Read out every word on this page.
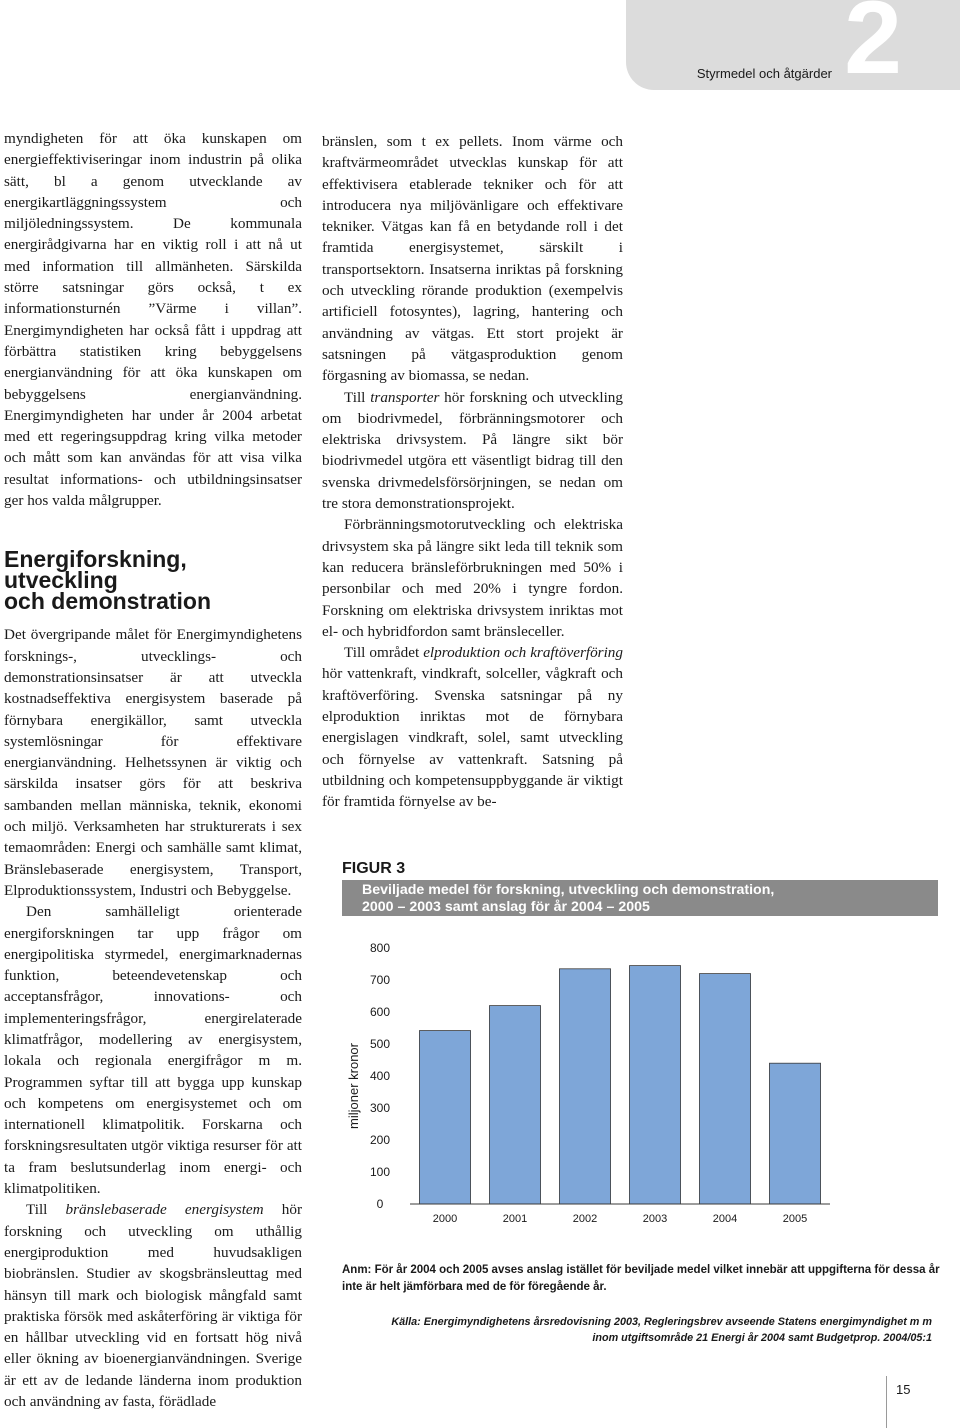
Styrmedel och åtgärder 2

myndigheten för att öka kunskapen om energieffektiviseringar inom industrin på olika sätt, bl a genom utvecklande av energikartläggningssystem och miljöledningssystem. De kommunala energirådgivarna har en viktig roll i att nå ut med information till allmänheten. Särskilda större satsningar görs också, t ex informationsturnén ”Värme i villan”. Energimyndigheten har också fått i uppdrag att förbättra statistiken kring bebyggelsens energianvändning för att öka kunskapen om bebyggelsens energianvändning. Energimyndigheten har under år 2004 arbetat med ett regeringsuppdrag kring vilka metoder och mått som kan användas för att visa vilka resultat informations- och utbildningsinsatser ger hos valda målgrupper.

Energiforskning,
utveckling
och demonstration

Det övergripande målet för Energimyndighetens forsknings-, utvecklings- och demonstrationsinsatser är att utveckla kostnadseffektiva energisystem baserade på förnybara energikällor, samt utveckla systemlösningar för effektivare energianvändning. Helhetssynen är viktig och särskilda insatser görs för att beskriva sambanden mellan människa, teknik, ekonomi och miljö. Verksamheten har strukturerats i sex temaområden: Energi och samhälle samt klimat, Bränslebaserade energisystem, Transport, Elproduktionssystem, Industri och Bebyggelse.

Den samhälleligt orienterade energiforskningen tar upp frågor om energipolitiska styrmedel, energimarknadernas funktion, beteendevetenskap och acceptansfrågor, innovations- och implementeringsfrågor, energirelaterade klimatfrågor, modellering av energisystem, lokala och regionala energifrågor m m. Programmen syftar till att bygga upp kunskap och kompetens om energisystemet och om internationell klimatpolitik. Forskarna och forskningsresultaten utgör viktiga resurser för att ta fram beslutsunderlag inom energi- och klimatpolitiken.

Till bränslebaserade energisystem hör forskning och utveckling om uthållig energiproduktion med huvudsakligen biobränslen. Studier av skogsbränsleuttag med hänsyn till mark och biologisk mångfald samt praktiska försök med askåterföring är viktiga för en hållbar utveckling vid en fortsatt hög nivå eller ökning av bioenergianvändningen. Sverige är ett av de ledande länderna inom produktion och användning av fasta, förädlade

bränslen, som t ex pellets. Inom värme och kraftvärmeområdet utvecklas kunskap för att effektivisera etablerade tekniker och för att introducera nya miljövänligare och effektivare tekniker. Vätgas kan få en betydande roll i det framtida energisystemet, särskilt i transportsektorn. Insatserna inriktas på forskning och utveckling rörande produktion (exempelvis artificiell fotosyntes), lagring, hantering och användning av vätgas. Ett stort projekt är satsningen på vätgasproduktion genom förgasning av biomassa, se nedan.

Till transporter hör forskning och utveckling om biodrivmedel, förbränningsmotorer och elektriska drivsystem. På längre sikt bör biodrivmedel utgöra ett väsentligt bidrag till den svenska drivmedelsförsörjningen, se nedan om tre stora demonstrationsprojekt.

Förbränningsmotorutveckling och elektriska drivsystem ska på längre sikt leda till teknik som kan reducera bränsleförbrukningen med 50% i personbilar och med 20% i tyngre fordon. Forskning om elektriska drivsystem inriktas mot el- och hybridfordon samt bränsleceller.

Till området elproduktion och kraftöverföring hör vattenkraft, vindkraft, solceller, vågkraft och kraftöverföring. Svenska satsningar på ny elproduktion inriktas mot de förnybara energislagen vindkraft, solel, samt utveckling och förnyelse av vattenkraft. Satsning på utbildning och kompetensuppbyggande är viktigt för framtida förnyelse av be-

FIGUR 3
Beviljade medel för forskning, utveckling och demonstration,
2000 – 2003 samt anslag för år 2004 – 2005
miljoner kronor
0
100
200
300
400
500
600
700
800
2000	2001	2002	2003	2004	2005
Anm: För år 2004 och 2005 avses anslag istället för beviljade medel vilket innebär att uppgifterna för dessa år inte är helt jämförbara med de för föregående år.
Källa: Energimyndighetens årsredovisning 2003, Regleringsbrev avseende Statens energimyndighet m m inom utgiftsområde 21 Energi år 2004 samt Budgetprop. 2004/05:1
15
